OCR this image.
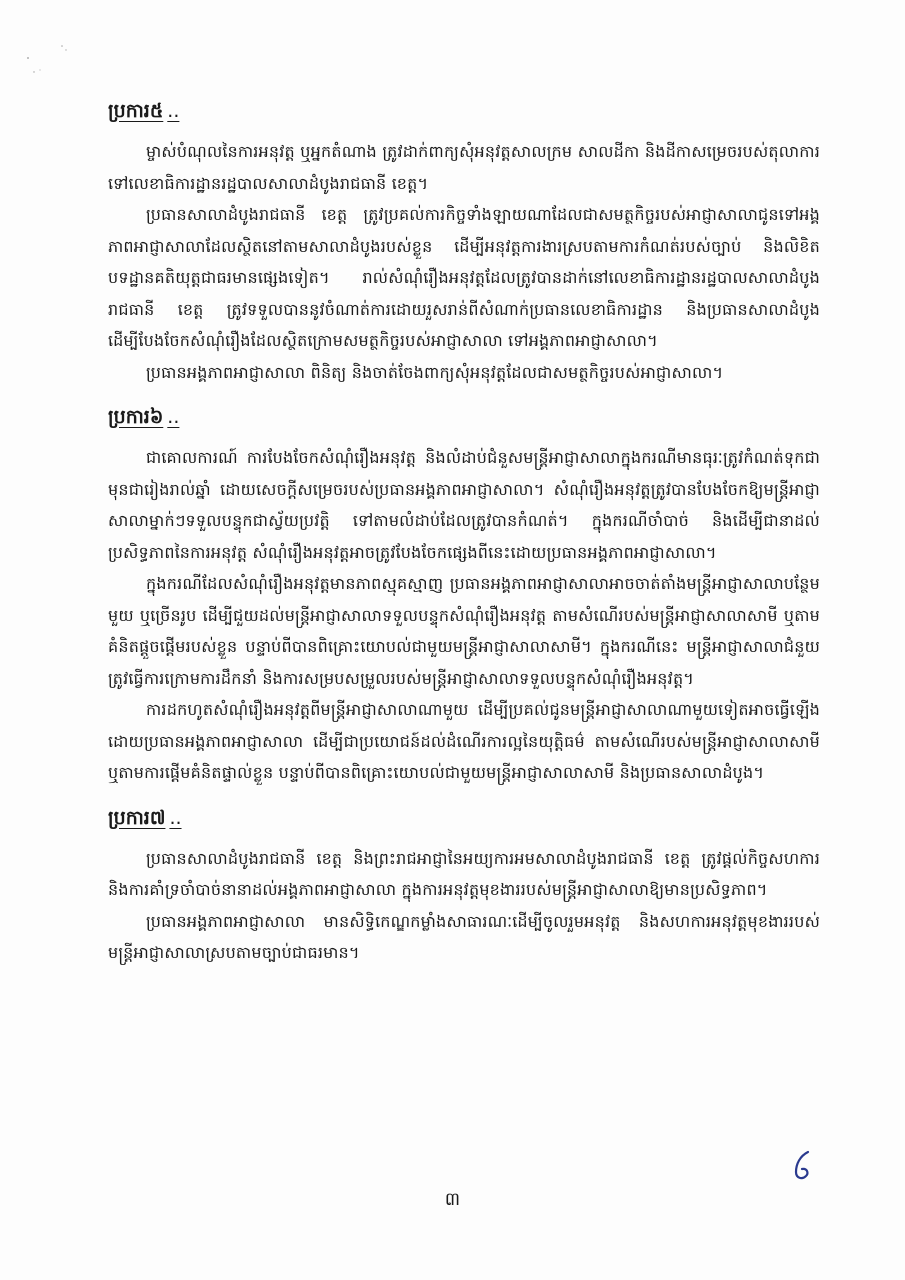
ប្រការ៥ ..

ម្ចាស់បំណុលនៃការអនុវត្ត ឬអ្នកតំណាង ត្រូវដាក់ពាក្យសុំអនុវត្តសាលក្រម សាលដីកា និងដីកាសម្រេចរបស់តុលាការ ទៅលេខាធិការដ្ឋានរដ្ឋបាលសាលាដំបូងរាជធានី ខេត្ត។

ប្រធានសាលាដំបូងរាជធានី ខេត្ត ត្រូវប្រគល់ការកិច្ចទាំងឡាយណាដែលជាសមត្ថកិច្ចរបស់អាជ្ញាសាលាជូនទៅអង្គភាពអាជ្ញាសាលាដែលស្ថិតនៅតាមសាលាដំបូងរបស់ខ្លួន ដើម្បីអនុវត្តការងារស្របតាមការកំណត់របស់ច្បាប់ និងលិខិតបទដ្ឋានគតិយុត្តជាធរមានផ្សេងទៀត។ រាល់សំណុំរឿងអនុវត្តដែលត្រូវបានដាក់នៅលេខាធិការដ្ឋានរដ្ឋបាលសាលាដំបូងរាជធានី ខេត្ត ត្រូវទទួលបាននូវចំណាត់ការដោយរួសរាន់ពីសំណាក់ប្រធានលេខាធិការដ្ឋាន និងប្រធានសាលាដំបូង ដើម្បីបែងចែកសំណុំរឿងដែលស្ថិតក្រោមសមត្ថកិច្ចរបស់អាជ្ញាសាលា ទៅអង្គភាពអាជ្ញាសាលា។

ប្រធានអង្គភាពអាជ្ញាសាលា ពិនិត្យ និងចាត់ចែងពាក្យសុំអនុវត្តដែលជាសមត្ថកិច្ចរបស់អាជ្ញាសាលា។

ប្រការ៦ ..

ជាគោលការណ៍ ការបែងចែកសំណុំរឿងអនុវត្ត និងលំដាប់ជំនួសមន្ត្រីអាជ្ញាសាលាក្នុងករណីមានធុរៈត្រូវកំណត់ទុកជាមុនជារៀងរាល់ឆ្នាំ ដោយសេចក្តីសម្រេចរបស់ប្រធានអង្គភាពអាជ្ញាសាលា។ សំណុំរឿងអនុវត្តត្រូវបានបែងចែកឱ្យមន្ត្រីអាជ្ញាសាលាម្នាក់ៗទទួលបន្ទុកជាស្វ័យប្រវត្តិ ទៅតាមលំដាប់ដែលត្រូវបានកំណត់។ ក្នុងករណីចាំបាច់ និងដើម្បីជានាដល់ប្រសិទ្ធភាពនៃការអនុវត្ត សំណុំរឿងអនុវត្តអាចត្រូវបែងចែកផ្សេងពីនេះដោយប្រធានអង្គភាពអាជ្ញាសាលា។

ក្នុងករណីដែលសំណុំរឿងអនុវត្តមានភាពស្មុគស្មាញ ប្រធានអង្គភាពអាជ្ញាសាលាអាចចាត់តាំងមន្ត្រីអាជ្ញាសាលាបន្ថែមមួយ ឬច្រើនរូប ដើម្បីជួយដល់មន្ត្រីអាជ្ញាសាលាទទួលបន្ទុកសំណុំរឿងអនុវត្ត តាមសំណើរបស់មន្ត្រីអាជ្ញាសាលាសាមី ឬតាមគំនិតផ្តួចផ្តើមរបស់ខ្លួន បន្ទាប់ពីបានពិគ្រោះយោបល់ជាមួយមន្ត្រីអាជ្ញាសាលាសាមី។ ក្នុងករណីនេះ មន្ត្រីអាជ្ញាសាលាជំនួយ ត្រូវធ្វើការក្រោមការដឹកនាំ និងការសម្របសម្រួលរបស់មន្ត្រីអាជ្ញាសាលាទទួលបន្ទុកសំណុំរឿងអនុវត្ត។

ការដកហូតសំណុំរឿងអនុវត្តពីមន្ត្រីអាជ្ញាសាលាណាមួយ ដើម្បីប្រគល់ជូនមន្ត្រីអាជ្ញាសាលាណាមួយទៀតអាចធ្វើឡើងដោយប្រធានអង្គភាពអាជ្ញាសាលា ដើម្បីជាប្រយោជន៍ដល់ដំណើរការល្អនៃយុត្តិធម៌ តាមសំណើរបស់មន្ត្រីអាជ្ញាសាលាសាមី ឬតាមការផ្តើមគំនិតផ្ទាល់ខ្លួន បន្ទាប់ពីបានពិគ្រោះយោបល់ជាមួយមន្ត្រីអាជ្ញាសាលាសាមី និងប្រធានសាលាដំបូង។

ប្រការ៧ ..

ប្រធានសាលាដំបូងរាជធានី ខេត្ត និងព្រះរាជអាជ្ញានៃអយ្យការអមសាលាដំបូងរាជធានី ខេត្ត ត្រូវផ្តល់កិច្ចសហការ និងការគាំទ្រចាំបាច់នានាដល់អង្គភាពអាជ្ញាសាលា ក្នុងការអនុវត្តមុខងាររបស់មន្ត្រីអាជ្ញាសាលាឱ្យមានប្រសិទ្ធភាព។

ប្រធានអង្គភាពអាជ្ញាសាលា មានសិទ្ធិកេណ្ឌកម្លាំងសាធារណៈដើម្បីចូលរួមអនុវត្ត និងសហការអនុវត្តមុខងាររបស់មន្ត្រីអាជ្ញាសាលាស្របតាមច្បាប់ជាធរមាន។

៣
